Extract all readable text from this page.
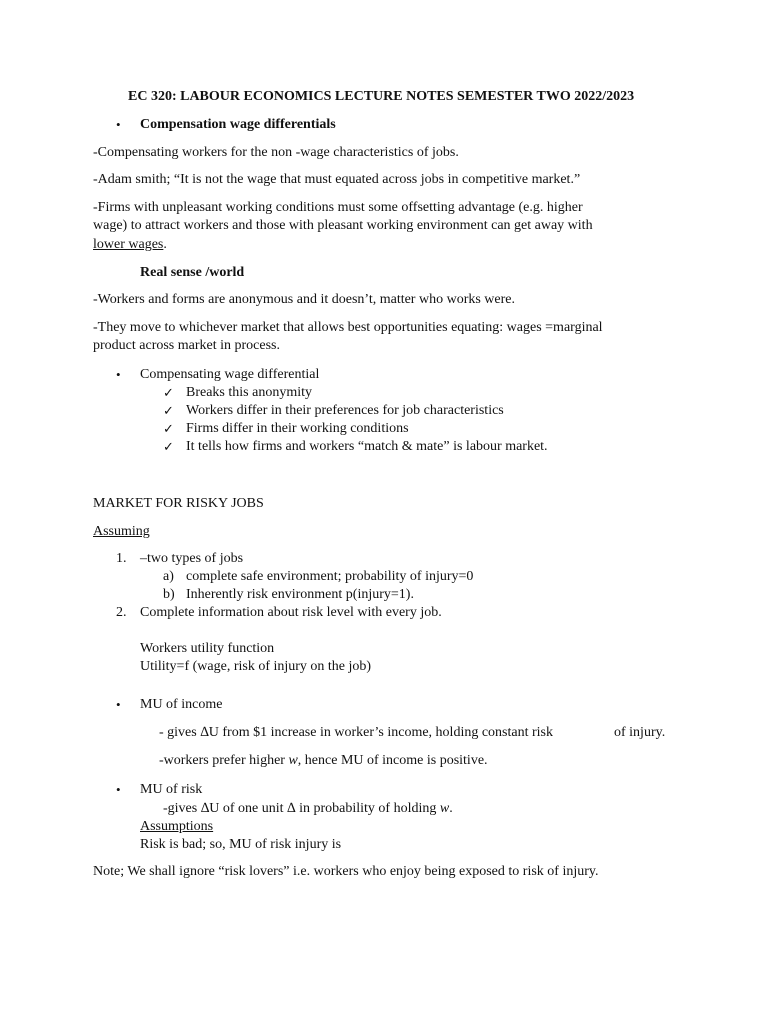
EC 320: LABOUR ECONOMICS LECTURE NOTES SEMESTER TWO 2022/2023
• Compensation wage differentials
-Compensating workers for the non -wage characteristics of jobs.
-Adam smith; “It is not the wage that must equated across jobs in competitive market.”
-Firms with unpleasant working conditions must some offsetting advantage (e.g. higher
wage) to attract workers and those with pleasant working environment can get away with
lower wages.
Real sense /world
-Workers and forms are anonymous and it doesn’t, matter who works were.
-They move to whichever market that allows best opportunities equating: wages =marginal
product across market in process.
• Compensating wage differential
✓ Breaks this anonymity
✓ Workers differ in their preferences for job characteristics
✓ Firms differ in their working conditions
✓ It tells how firms and workers “match & mate” is labour market.
MARKET FOR RISKY JOBS
Assuming
1. –two types of jobs
a) complete safe environment; probability of injury=0
b) Inherently risk environment p(injury=1).
2. Complete information about risk level with every job.
Workers utility function
Utility=f (wage, risk of injury on the job)
• MU of income
- gives ∆U from $1 increase in worker’s income, holding constant risk	of injury.
-workers prefer higher w, hence MU of income is positive.
• MU of risk
-gives ∆U of one unit ∆ in probability of holding w.
Assumptions
Risk is bad; so, MU of risk injury is
Note; We shall ignore “risk lovers” i.e. workers who enjoy being exposed to risk of injury.
